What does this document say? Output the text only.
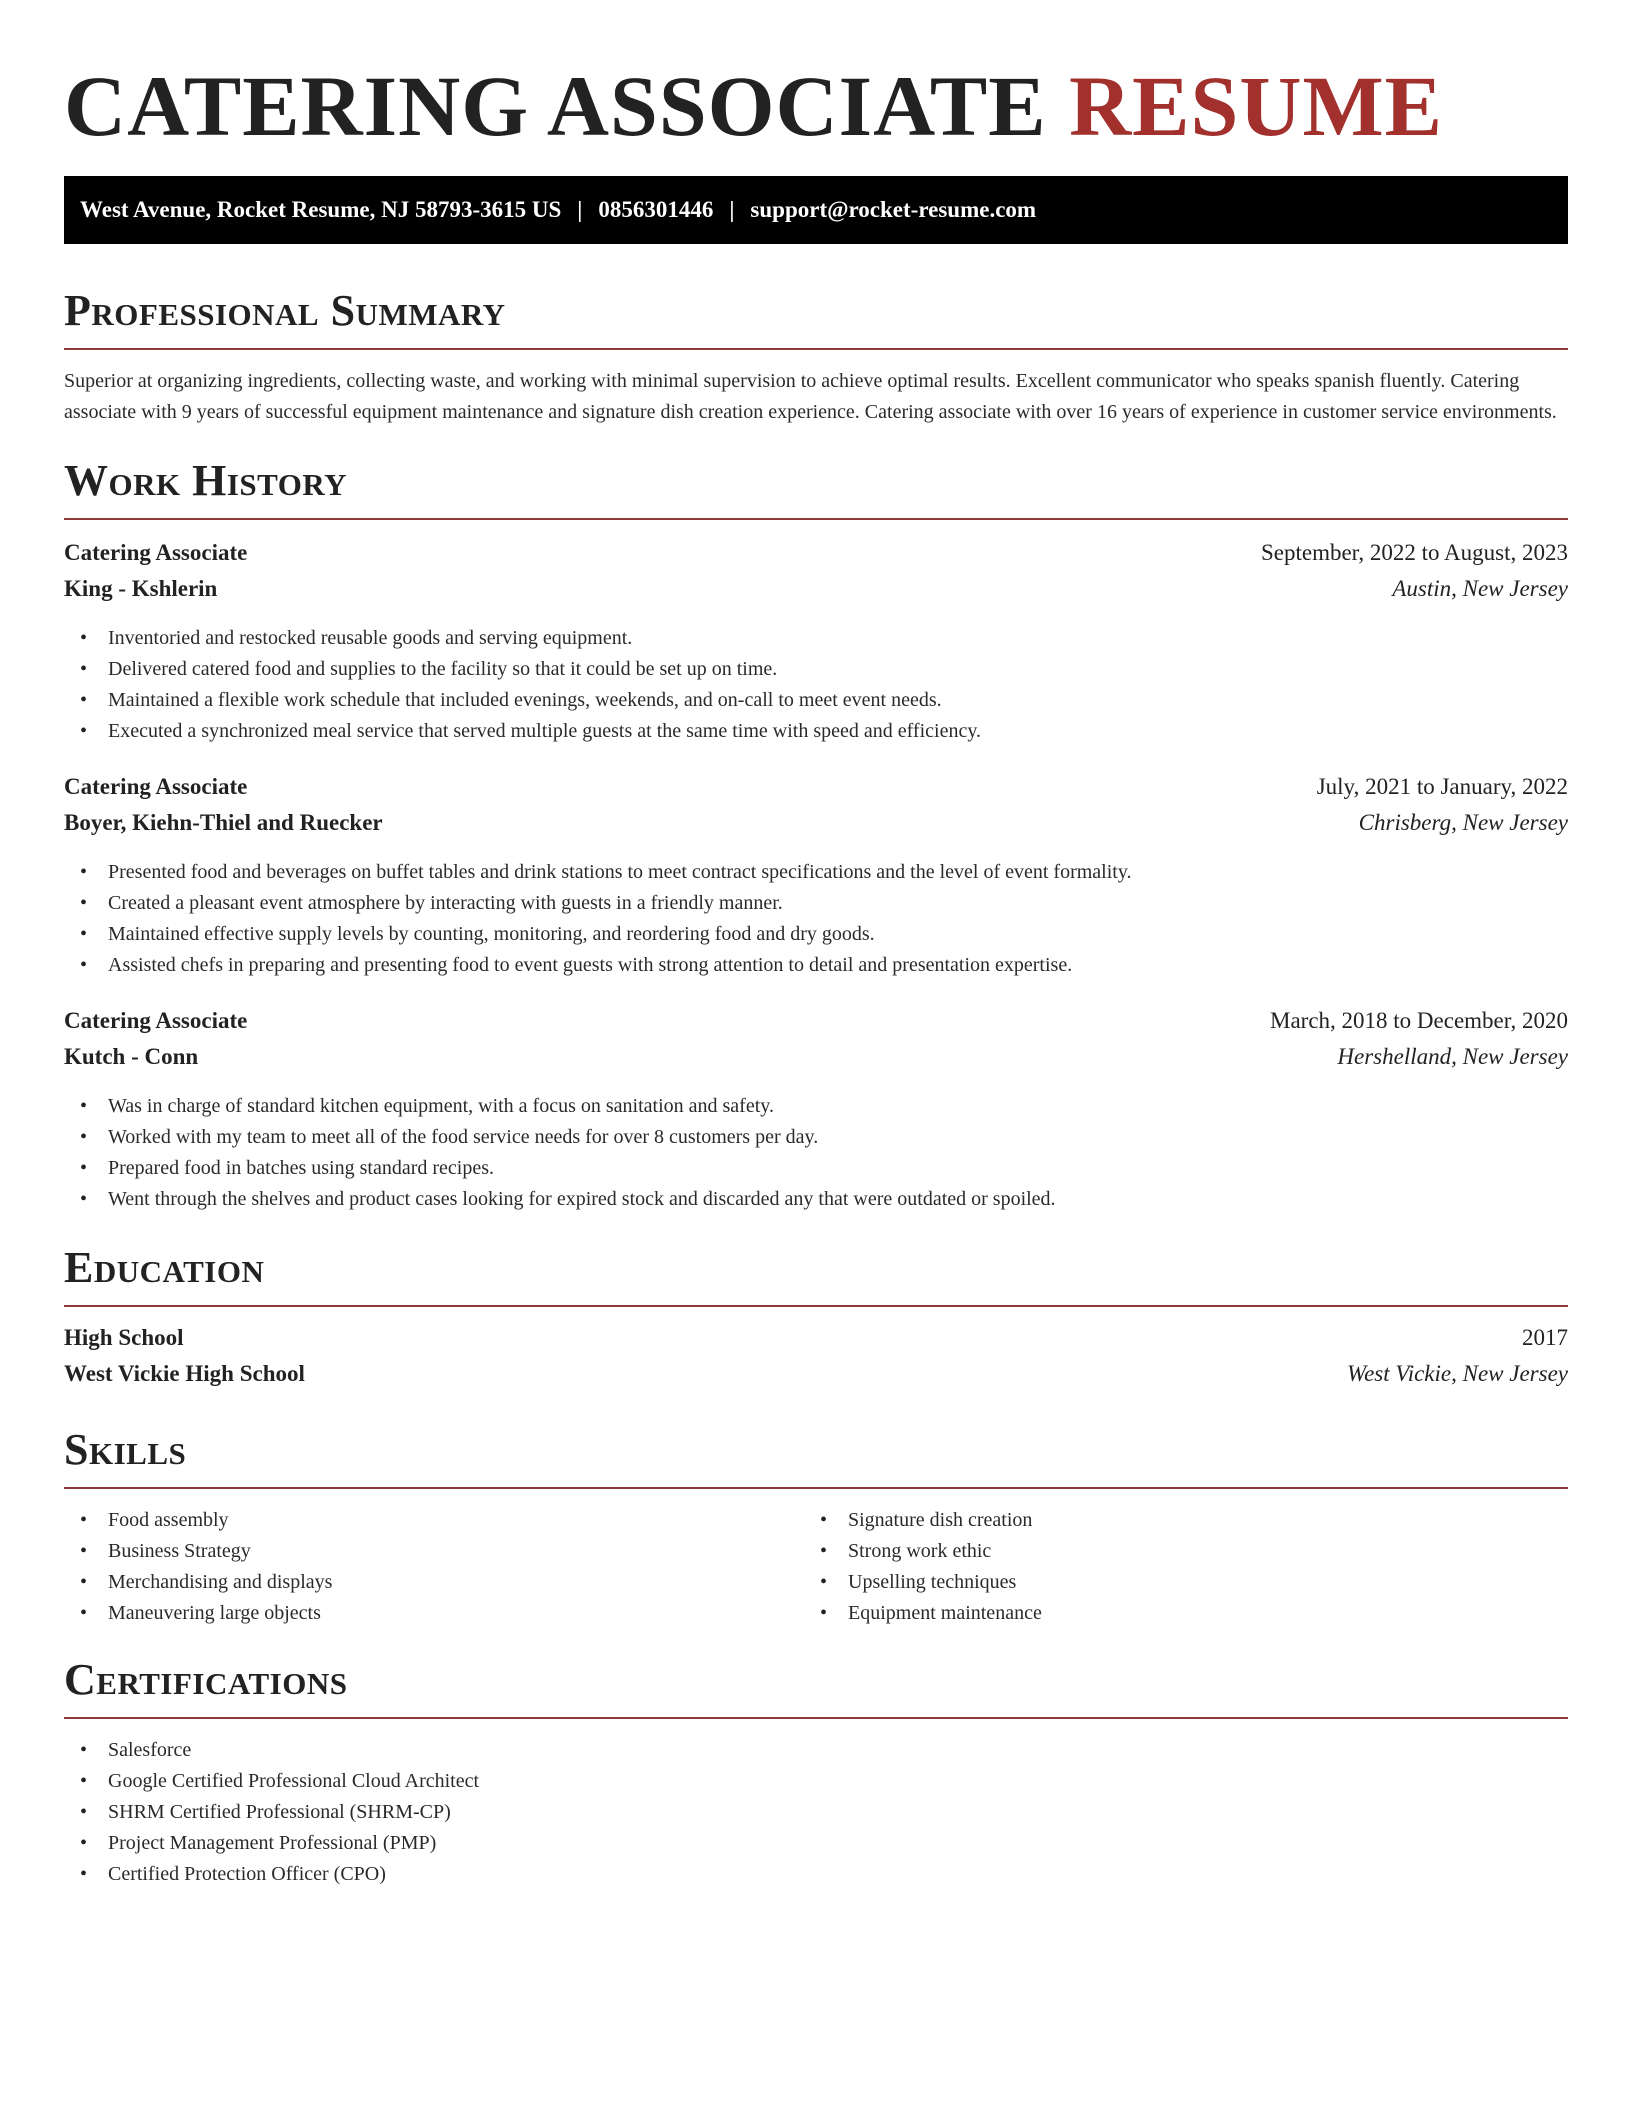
CATERING ASSOCIATE RESUME
West Avenue, Rocket Resume, NJ 58793-3615 US | 0856301446 | support@rocket-resume.com
Professional Summary

Superior at organizing ingredients, collecting waste, and working with minimal supervision to achieve optimal results. Excellent communicator who speaks spanish fluently. Catering associate with 9 years of successful equipment maintenance and signature dish creation experience. Catering associate with over 16 years of experience in customer service environments.

Work History
Catering Associate	September, 2022 to August, 2023
King - Kshlerin	Austin, New Jersey
• Inventoried and restocked reusable goods and serving equipment.
• Delivered catered food and supplies to the facility so that it could be set up on time.
• Maintained a flexible work schedule that included evenings, weekends, and on-call to meet event needs.
• Executed a synchronized meal service that served multiple guests at the same time with speed and efficiency.
Catering Associate	July, 2021 to January, 2022
Boyer, Kiehn-Thiel and Ruecker	Chrisberg, New Jersey
• Presented food and beverages on buffet tables and drink stations to meet contract specifications and the level of event formality.
• Created a pleasant event atmosphere by interacting with guests in a friendly manner.
• Maintained effective supply levels by counting, monitoring, and reordering food and dry goods.
• Assisted chefs in preparing and presenting food to event guests with strong attention to detail and presentation expertise.
Catering Associate	March, 2018 to December, 2020
Kutch - Conn	Hershelland, New Jersey
• Was in charge of standard kitchen equipment, with a focus on sanitation and safety.
• Worked with my team to meet all of the food service needs for over 8 customers per day.
• Prepared food in batches using standard recipes.
• Went through the shelves and product cases looking for expired stock and discarded any that were outdated or spoiled.
Education
High School	2017
West Vickie High School	West Vickie, New Jersey
Skills
• Food assembly
• Business Strategy
• Merchandising and displays
• Maneuvering large objects
• Signature dish creation
• Strong work ethic
• Upselling techniques
• Equipment maintenance
Certifications
• Salesforce
• Google Certified Professional Cloud Architect
• SHRM Certified Professional (SHRM-CP)
• Project Management Professional (PMP)
• Certified Protection Officer (CPO)
